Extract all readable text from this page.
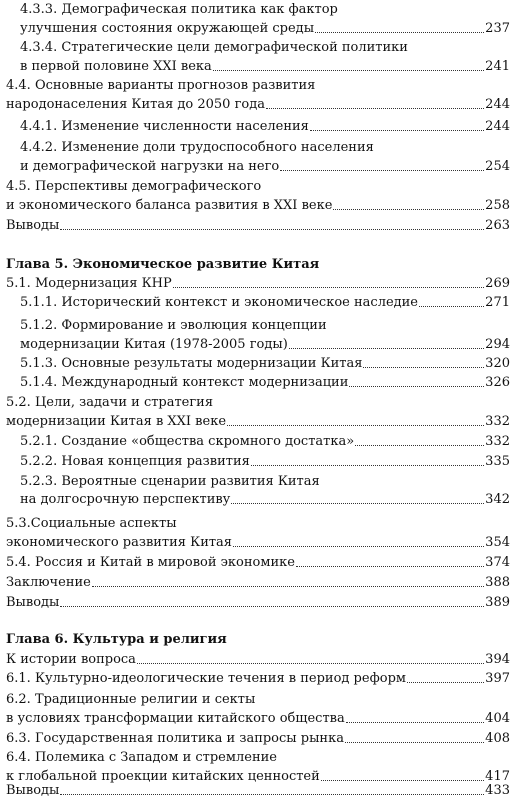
4.3.3. Демографическая политика как фактор
улучшения состояния окружающей среды	237
4.3.4. Стратегические цели демографической политики
в первой половине XXI века	241
4.4. Основные варианты прогнозов развития
народонаселения Китая до 2050 года	244
4.4.1. Изменение численности населения	244
4.4.2. Изменение доли трудоспособного населения
и демографической нагрузки на него	254
4.5. Перспективы демографического
и экономического баланса развития в XXI веке	258
Выводы	263
Глава 5. Экономическое развитие Китая
5.1. Модернизация КНР	269
5.1.1. Исторический контекст и экономическое наследие	271
5.1.2. Формирование и эволюция концепции
модернизации Китая (1978-2005 годы)	294
5.1.3. Основные результаты модернизации Китая	320
5.1.4. Международный контекст модернизации	326
5.2. Цели, задачи и стратегия
модернизации Китая в XXI веке	332
5.2.1. Создание «общества скромного достатка»	332
5.2.2. Новая концепция развития	335
5.2.3. Вероятные сценарии развития Китая
на долгосрочную перспективу	342
5.3.Социальные аспекты
экономического развития Китая	354
5.4. Россия и Китай в мировой экономике	374
Заключение	388
Выводы	389
Глава 6. Культура и религия
К истории вопроса	394
6.1. Культурно-идеологические течения в период реформ	397
6.2. Традиционные религии и секты
в условиях трансформации китайского общества	404
6.3. Государственная политика и запросы рынка	408
6.4. Полемика с Западом и стремление
к глобальной проекции китайских ценностей	417
Выводы	433
